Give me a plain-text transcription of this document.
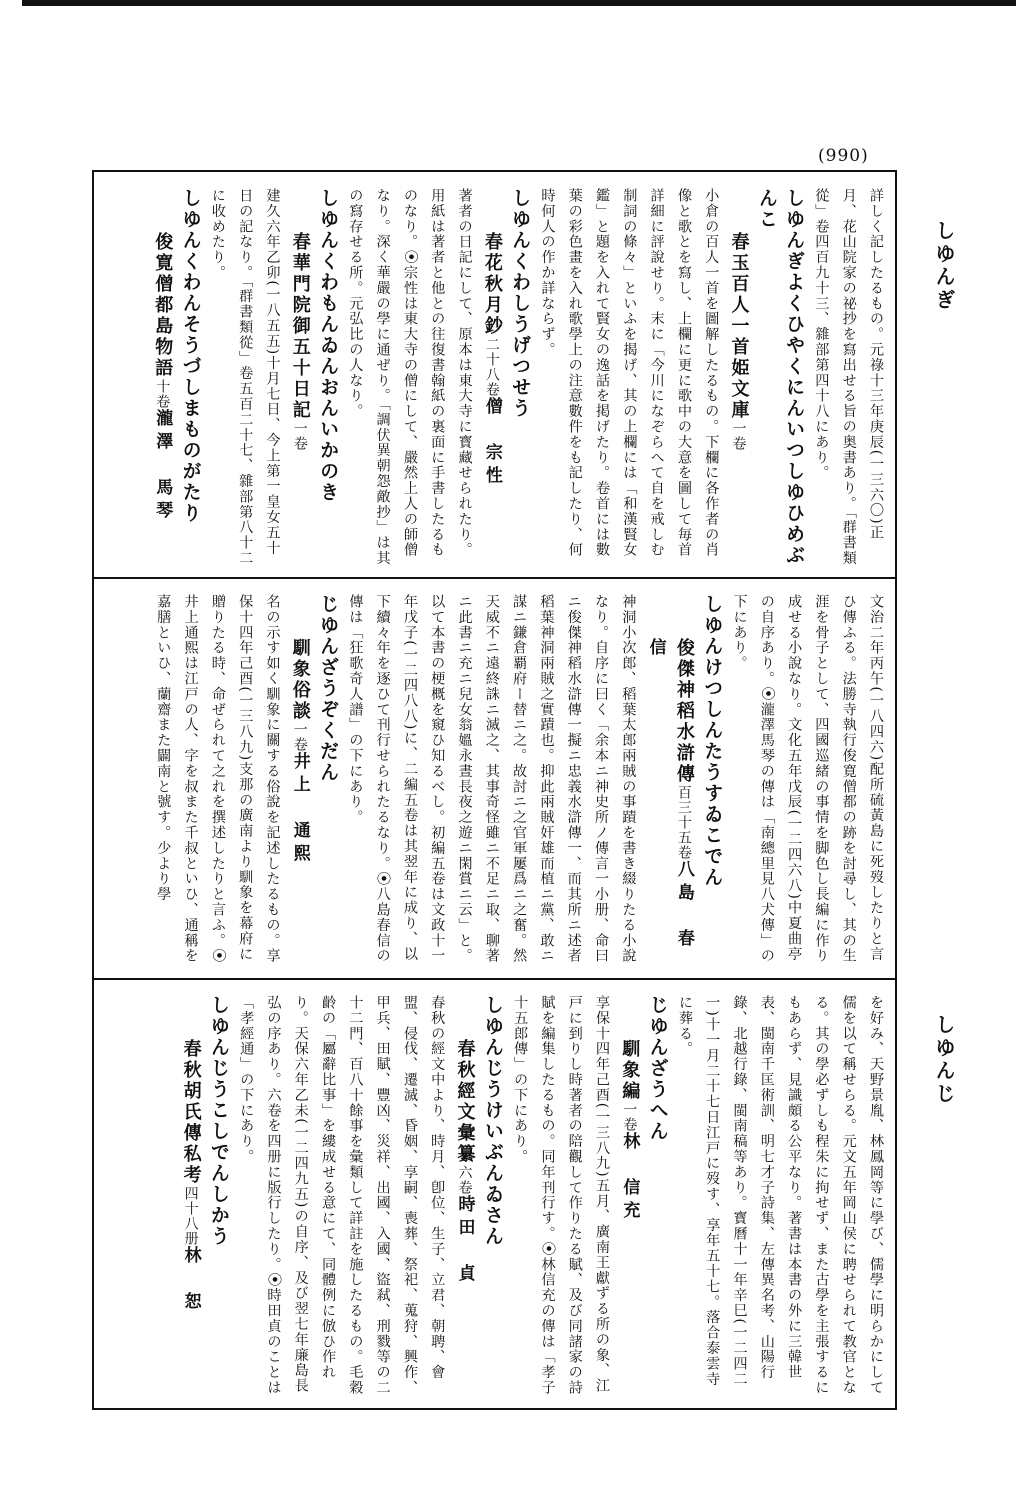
(990)
しゆんぎ
しゆんじ
詳しく記したるもの。元祿十三年庚辰(一三六〇)正月、花山院家の祕抄を寫出せる旨の奥書あり。「群書類從」卷四百九十三、雜部第四十八にあり。
しゆんぎよくひやくにんいつしゆひめぶんこ
春玉百人一首姫文庫一卷
小倉の百人一首を圖解したるもの。下欄に各作者の肖像と歌とを寫し、上欄に更に歌中の大意を圖して毎首詳細に評說せり。末に「今川になぞらへて自を戒しむ制詞の條々」といふを揭げ、其の上欄には「和漢賢女鑑」と題を入れて賢女の逸話を掲げたり。卷首には數葉の彩色畫を入れ歌學上の注意數件をも記したり、何時何人の作か詳ならず。
しゆんくわしうげつせう
春花秋月鈔二十八卷僧　宗性
著者の日記にして、原本は東大寺に寳藏せられたり。用紙は著者と他との往復書翰紙の裏面に手書したるものなり。⦿宗性は東大寺の僧にして、嚴然上人の師僧なり。深く華嚴の學に通ぜり。「調伏異朝怨敵抄」は其の寫存せる所。元弘比の人なり。
しゆんくわもんゐんおんいかのき
春華門院御五十日記一卷
建久六年乙卯(一八五五)十月七日、今上第一皇女五十日の記なり。「群書類從」卷五百二十七、雜部第八十二に收めたり。
しゆんくわんそうづしまものがたり
俊寛僧都島物語十卷瀧澤　馬琴
文治二年丙午(一八四六)配所硫黃島に死歿したりと言ひ傳ふる。法勝寺執行俊寛僧都の跡を討尋し、其の生涯を骨子として、四國巡緒の事情を脚色し長編に作り成せる小說なり。文化五年戊辰(一二四六八)中夏曲亭の自序あり。⦿瀧澤馬琴の傳は「南總里見八犬傳」の下にあり。
しゆんけつしんたうすゐこでん
俊傑神稻水滸傳百三十五卷八島　春信
神洞小次郎、稻葉太郎兩賊の事蹟を書き綴りたる小說なり。自序に曰く「余本ニ神史所ノ傳言一小册、命曰ニ俊傑神稻水滸傳一擬ニ忠義水滸傳一、而其所ニ述者稻葉神洞兩賊之實蹟也。抑此兩賊奸雄而植ニ黨、敢ニ謀ニ鎌倉覇府ー替ニ之。故討ニ之官軍屢爲ニ之奮。然天威不ニ遠終誅ニ滅之、其事奇怪雖ニ不足ニ取、聊著ニ此書ニ充ニ兒女翁媼永晝長夜之遊ニ閑賞ニ云」と。以て本書の梗概を窺ひ知るべし。初編五卷は文政十一年戊子(一二四八八)に、二編五卷は其翌年に成り、以下續々年を逐ひて刊行せられたるなり。⦿八島春信の傳は「狂歌奇人譜」の下にあり。
じゆんざうぞくだん
馴象俗談一卷井上　通熙
名の示す如く馴象に關する俗說を記述したるもの。享保十四年己酉(一三八九)支那の廣南より馴象を幕府に贈りたる時、命ぜられて之れを撰述したりと言ふ。⦿井上通熙は江戸の人、字を叔また千叔といひ、通稱を嘉膳といひ、蘭齋また闢南と號す。少より學
を好み、天野景胤、林鳳岡等に學び、儒學に明らかにして儒を以て稱せらる。元文五年岡山侯に聘せられて教官となる。其の學必ずしも程朱に拘せず、また古學を主張するにもあらず、見識頗る公平なり。著書は本書の外に三韓世表、閩南千匡術訓、明七才子詩集、左傳異名考、山陽行錄、北越行錄、閩南稿等あり。寳曆十一年辛巳(一二四二一)十一月二十七日江戸に歿す、享年五十七。落合泰雲寺に葬る。
じゆんざうへん
馴象編一卷林　信充
享保十四年己酉(一三八九)五月、廣南王獻ずる所の象、江戸に到りし時著者の陪觀して作りたる賦、及び同諸家の詩賦を編集したるもの。同年刊行す。⦿林信充の傳は「孝子十五郎傳」の下にあり。
しゆんじうけいぶんゐさん
春秋經文彙纂六卷時田　貞
春秋の經文中より、時月、卽位、生子、立君、朝聘、會盟、侵伐、遷滅、昏姻、享嗣、喪葬、祭祀、蒐狩、興作、甲兵、田賦、豐凶、災祥、出國、入國、盜弒、刑戮等の二十二門、百八十餘事を彙類して詳註を施したるもの。毛穀齡の「屬辭比事」を縷成せる意にて、同體例に倣ひ作れり。天保六年乙未(一二四九五)の自序、及び翌七年廉島長弘の序あり。六卷を四册に版行したり。⦿時田貞のことは「孝經通」の下にあり。
しゆんじうこしでんしかう
春秋胡氏傳私考四十八册林　恕
